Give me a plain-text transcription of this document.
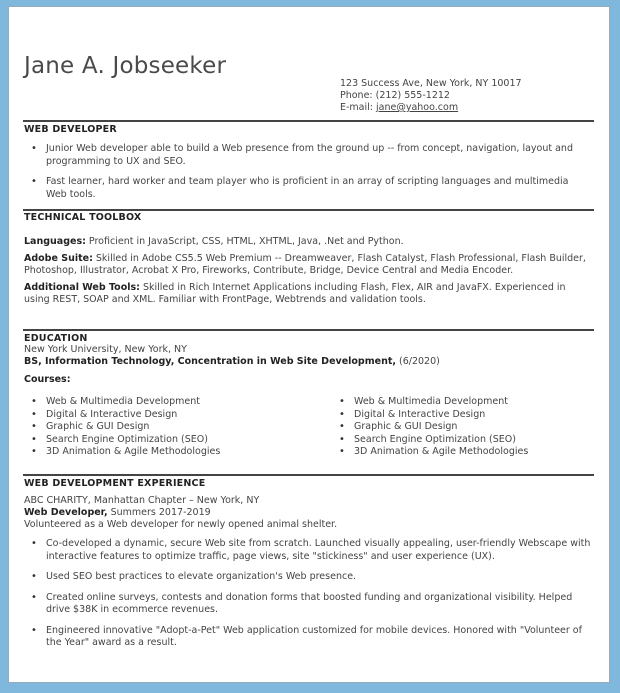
Jane A. Jobseeker
123 Success Ave, New York, NY 10017
Phone: (212) 555-1212
E-mail: jane@yahoo.com
WEB DEVELOPER
• Junior Web developer able to build a Web presence from the ground up -- from concept, navigation, layout and programming to UX and SEO.
• Fast learner, hard worker and team player who is proficient in an array of scripting languages and multimedia Web tools.
TECHNICAL TOOLBOX
Languages: Proficient in JavaScript, CSS, HTML, XHTML, Java, .Net and Python.
Adobe Suite: Skilled in Adobe CS5.5 Web Premium -- Dreamweaver, Flash Catalyst, Flash Professional, Flash Builder, Photoshop, Illustrator, Acrobat X Pro, Fireworks, Contribute, Bridge, Device Central and Media Encoder.
Additional Web Tools: Skilled in Rich Internet Applications including Flash, Flex, AIR and JavaFX. Experienced in using REST, SOAP and XML. Familiar with FrontPage, Webtrends and validation tools.
EDUCATION
New York University, New York, NY
BS, Information Technology, Concentration in Web Site Development, (6/2020)
Courses:
• Web & Multimedia Development
• Digital & Interactive Design
• Graphic & GUI Design
• Search Engine Optimization (SEO)
• 3D Animation & Agile Methodologies
• Web & Multimedia Development
• Digital & Interactive Design
• Graphic & GUI Design
• Search Engine Optimization (SEO)
• 3D Animation & Agile Methodologies
WEB DEVELOPMENT EXPERIENCE
ABC CHARITY, Manhattan Chapter – New York, NY
Web Developer, Summers 2017-2019
Volunteered as a Web developer for newly opened animal shelter.
• Co-developed a dynamic, secure Web site from scratch. Launched visually appealing, user-friendly Webscape with interactive features to optimize traffic, page views, site "stickiness" and user experience (UX).
• Used SEO best practices to elevate organization's Web presence.
• Created online surveys, contests and donation forms that boosted funding and organizational visibility. Helped drive $38K in ecommerce revenues.
• Engineered innovative "Adopt-a-Pet" Web application customized for mobile devices. Honored with "Volunteer of the Year" award as a result.
